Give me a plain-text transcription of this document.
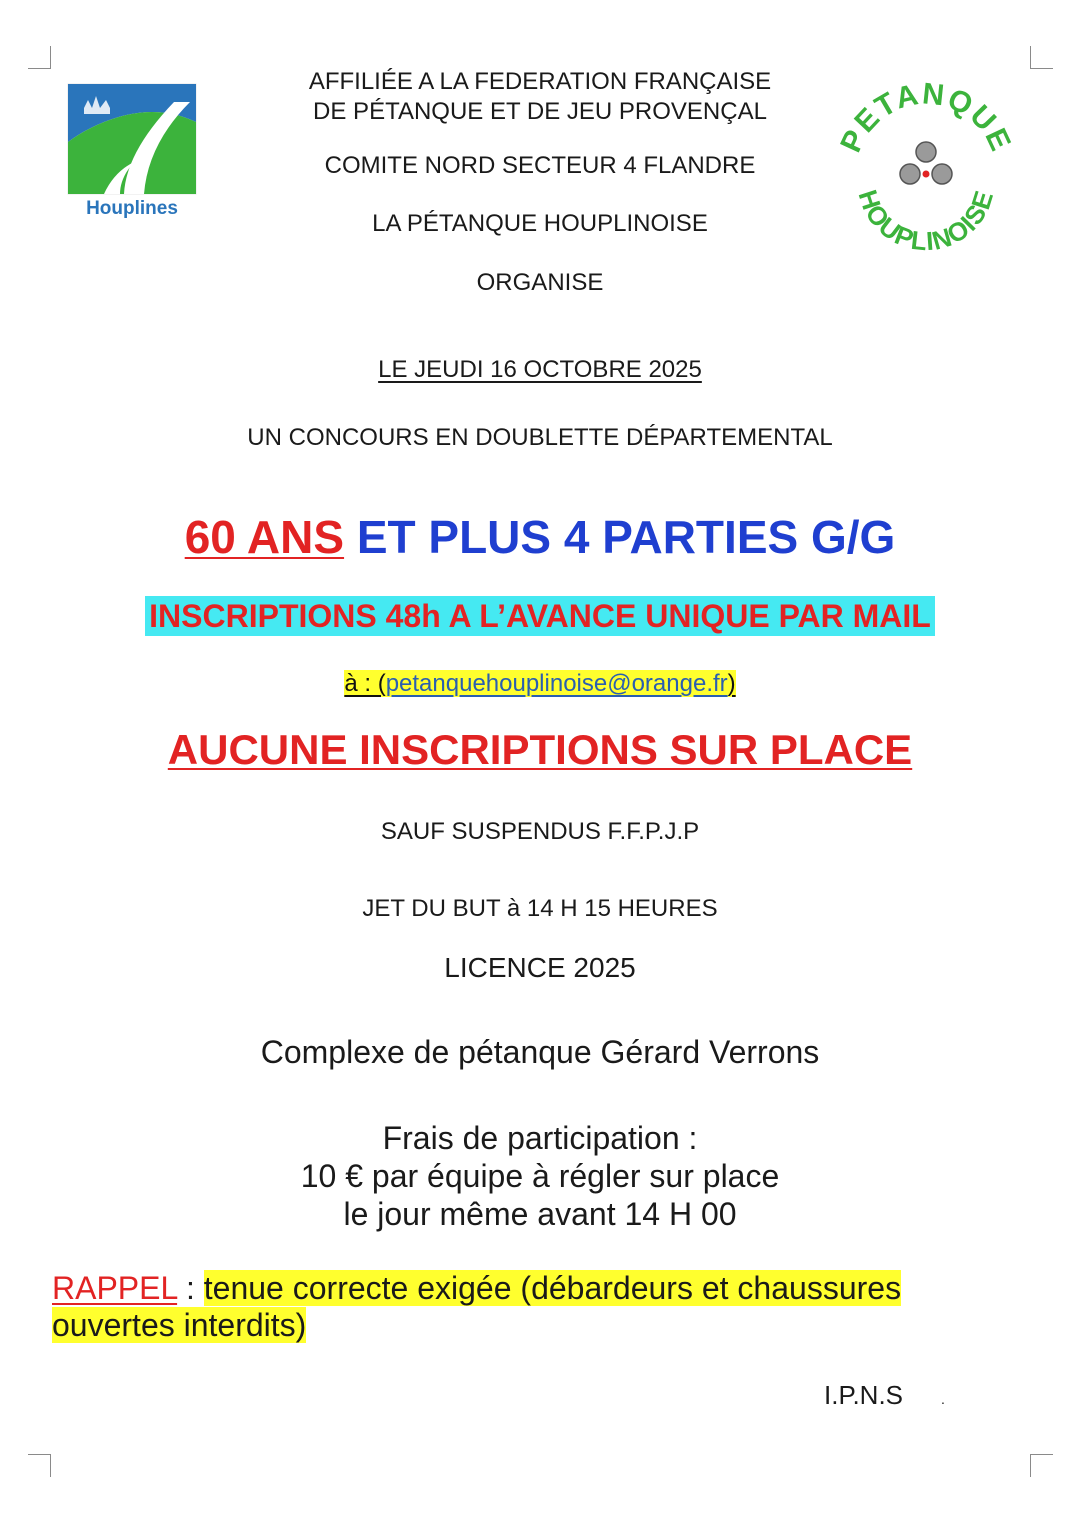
Houplines
PETANQUE
HOUPLINOISE
AFFILIÉE A LA FEDERATION FRANÇAISE
DE PÉTANQUE ET DE JEU PROVENÇAL
COMITE NORD SECTEUR 4 FLANDRE
LA PÉTANQUE HOUPLINOISE
ORGANISE
LE JEUDI 16 OCTOBRE 2025
UN CONCOURS EN DOUBLETTE DÉPARTEMENTAL
60 ANS ET PLUS 4 PARTIES G/G
INSCRIPTIONS 48h A L’AVANCE UNIQUE PAR MAIL
à : (petanquehouplinoise@orange.fr)
AUCUNE INSCRIPTIONS SUR PLACE
SAUF SUSPENDUS F.F.P.J.P
JET DU BUT à 14 H 15 HEURES
LICENCE 2025
Complexe de pétanque Gérard Verrons
Frais de participation :
10 € par équipe à régler sur place
le jour même avant 14 H 00
RAPPEL : tenue correcte exigée (débardeurs et chaussures ouvertes interdits)
I.P.N.S	.
